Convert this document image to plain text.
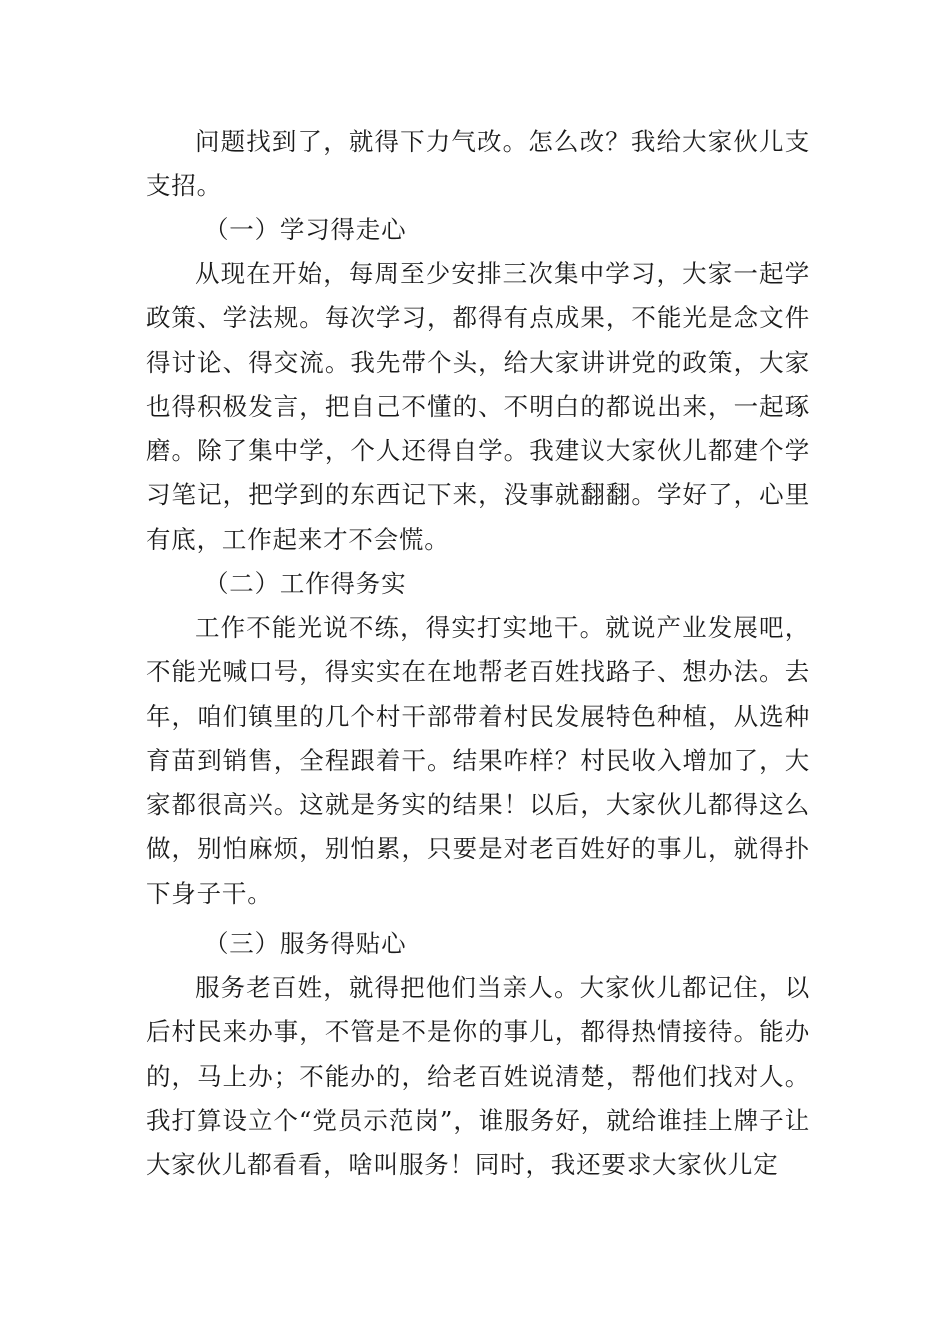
问题找到了，就得下力气改。怎么改？我给大家伙儿支支招。

（一）学习得走心

从现在开始，每周至少安排三次集中学习，大家一起学政策、学法规。每次学习，都得有点成果，不能光是念文件得讨论、得交流。我先带个头，给大家讲讲党的政策，大家也得积极发言，把自己不懂的、不明白的都说出来，一起琢磨。除了集中学，个人还得自学。我建议大家伙儿都建个学习笔记，把学到的东西记下来，没事就翻翻。学好了，心里有底，工作起来才不会慌。

（二）工作得务实

工作不能光说不练，得实打实地干。就说产业发展吧，不能光喊口号，得实实在在地帮老百姓找路子、想办法。去年，咱们镇里的几个村干部带着村民发展特色种植，从选种育苗到销售，全程跟着干。结果咋样？村民收入增加了，大家都很高兴。这就是务实的结果！以后，大家伙儿都得这么做，别怕麻烦，别怕累，只要是对老百姓好的事儿，就得扑下身子干。

（三）服务得贴心

服务老百姓，就得把他们当亲人。大家伙儿都记住，以后村民来办事，不管是不是你的事儿，都得热情接待。能办的，马上办；不能办的，给老百姓说清楚，帮他们找对人。我打算设立个“党员示范岗”，谁服务好，就给谁挂上牌子让大家伙儿都看看，啥叫服务！同时，我还要求大家伙儿定
